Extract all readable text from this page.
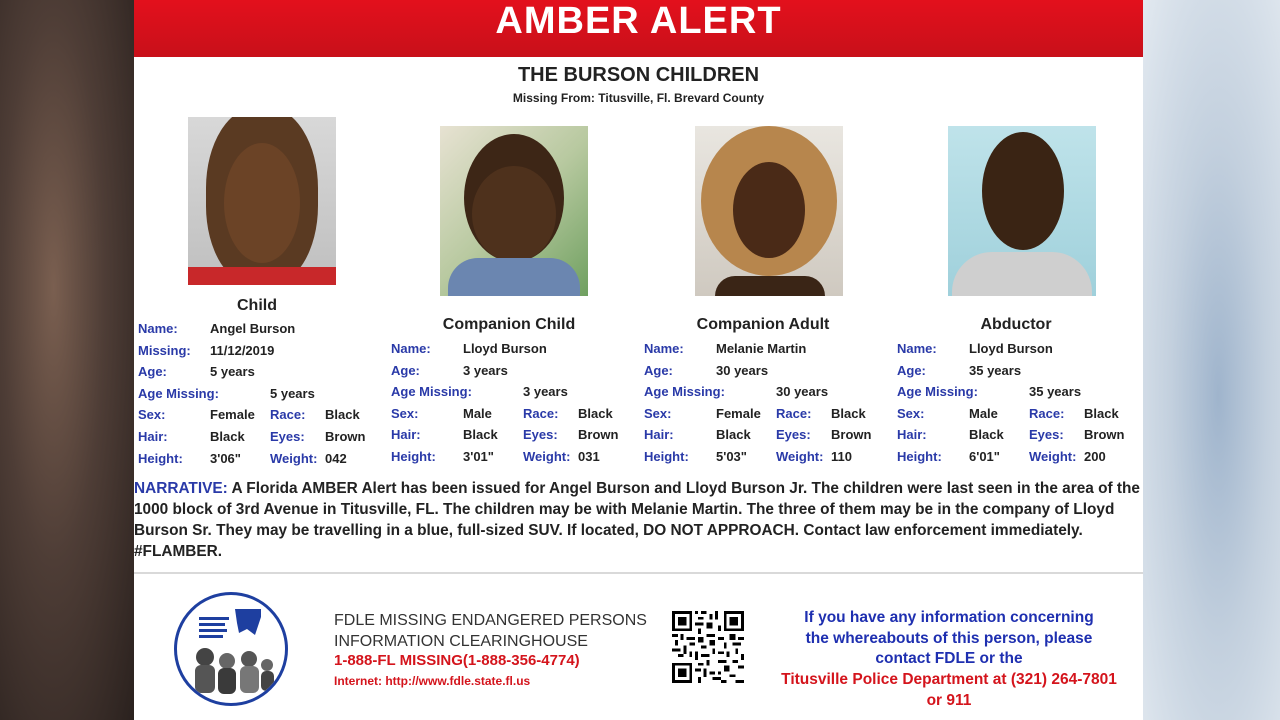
AMBER ALERT
THE BURSON CHILDREN
Missing From: Titusville, Fl. Brevard County
Child
Companion Child	Companion Adult	Abductor
Name: Angel Burson
Missing: 11/12/2019
Age:	5 years
Age Missing:	5 years
Sex:	Female Race: Black
Hair:	Black Eyes: Brown
Height: 3'06" Weight: 042
Name: Lloyd Burson
Age:	3 years
Age Missing:	3 years
Sex:	Male Race: Black
Hair:	Black Eyes: Brown
Height: 3'01" Weight: 031
Name: Melanie Martin
Age:	30 years
Age Missing:	30 years
Sex:	Female Race: Black
Hair:	Black Eyes: Brown
Height: 5'03" Weight: 110
Name: Lloyd Burson
Age:	35 years
Age Missing:	35 years
Sex:	Male Race: Black
Hair:	Black Eyes: Brown
Height: 6'01" Weight: 200
NARRATIVE: A Florida AMBER Alert has been issued for Angel Burson and Lloyd Burson Jr. The children were last seen in the area of the 1000 block of 3rd Avenue in Titusville, FL. The children may be with Melanie Martin. The three of them may be in the company of Lloyd Burson Sr. They may be travelling in a blue, full-sized SUV. If located, DO NOT APPROACH. Contact law enforcement immediately. #FLAMBER.
FDLE MISSING ENDANGERED PERSONS
INFORMATION CLEARINGHOUSE
1-888-FL MISSING(1-888-356-4774)
Internet: http://www.fdle.state.fl.us
If you have any information concerning
the whereabouts of this person, please
contact FDLE or the
Titusville Police Department at (321) 264-7801
or 911
